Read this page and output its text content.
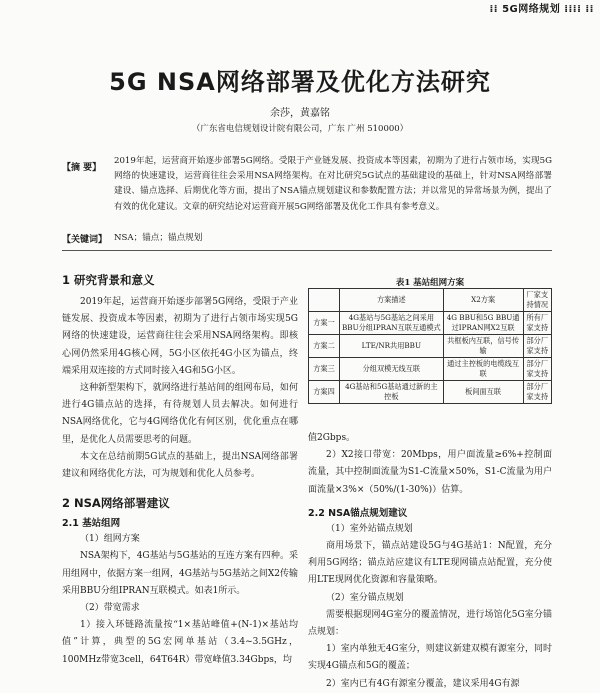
⁞⁞ 5G网络规划 ⁞⁞⁞⁞ ⁞⁞
5G NSA网络部署及优化方法研究
余莎，黄嘉铭
（广东省电信规划设计院有限公司，广东 广州 510000）
【摘 要】
2019年起，运营商开始逐步部署5G网络。受限于产业链发展、投资成本等因素，初期为了进行占领市场，实现5G网络的快速建设，运营商往往会采用NSA网络架构。在对比研究5G试点的基础建设的基础上，针对NSA网络部署建设、锚点选择、后期优化等方面，提出了NSA锚点规划建议和参数配置方法；并以常见的异常场景为例，提出了有效的优化建议。文章的研究结论对运营商开展5G网络部署及优化工作具有参考意义。
【关键词】 NSA；锚点；锚点规划
1 研究背景和意义

2019年起，运营商开始逐步部署5G网络，受限于产业链发展、投资成本等因素，初期为了进行占领市场实现5G网络的快速建设，运营商往往会采用NSA网络架构。即核心网仍然采用4G核心网，5G小区依托4G小区为锚点，终端采用双连接的方式同时接入4G和5G小区。

这种新型架构下，就网络进行基站间的组网布局，如何进行4G锚点站的选择，有待规划人员去解决。如何进行NSA网络优化，它与4G网络优化有何区别，优化重点在哪里，是优化人员需要思考的问题。

本文在总结前期5G试点的基础上，提出NSA网络部署建议和网络优化方法，可为规划和优化人员参考。

2 NSA网络部署建议
2.1 基站组网

（1）组网方案

NSA架构下，4G基站与5G基站的互连方案有四种。采用组网中，依据方案一组网，4G基站与5G基站之间X2传输采用BBU分组IPRAN互联模式。如表1所示。

（2）带宽需求

1）接入环链路流量按“1×基站峰值+(N-1)×基站均值”计算，典型的5G宏网单基站（3.4~3.5GHz，100MHz带宽3cell，64T64R）带宽峰值3.34Gbps，均

表1 基站组网方案
	方案描述	X2方案	厂家支持情况
方案一	4G基站与5G基站之间采用BBU分组IPRAN互联互通模式	4G BBU和5G BBU通过IPRAN网X2互联	所有厂家支持
方案二	LTE/NR共用BBU	共框板内互联，信号传输	部分厂家支持
方案三	分组双模无线互联	通过主控板的电缆线互联	部分厂家支持
方案四	4G基站和5G基站通过新的主控板	板间面互联	部分厂家支持

值2Gbps。

2）X2接口带宽：20Mbps，用户面流量≥6%+控制面流量，其中控制面流量为S1-C流量×50%，S1-C流量为用户面流量×3%×（50%/(1-30%)）估算。

2.2 NSA锚点规划建议

（1）室外站锚点规划

商用场景下，锚点站建设5G与4G基站1：N配置，充分利用5G网络；锚点站应建议有LTE现网锚点站配置，充分使用LTE现网优化资源和容量策略。

（2）室分锚点规划

需要根据现网4G室分的覆盖情况，进行场馆化5G室分锚点规划：

1）室内单独无4G室分，则建议新建双模有源室分，同时实现4G锚点和5G的覆盖；

2）室内已有4G有源室分覆盖，建议采用4G有源
